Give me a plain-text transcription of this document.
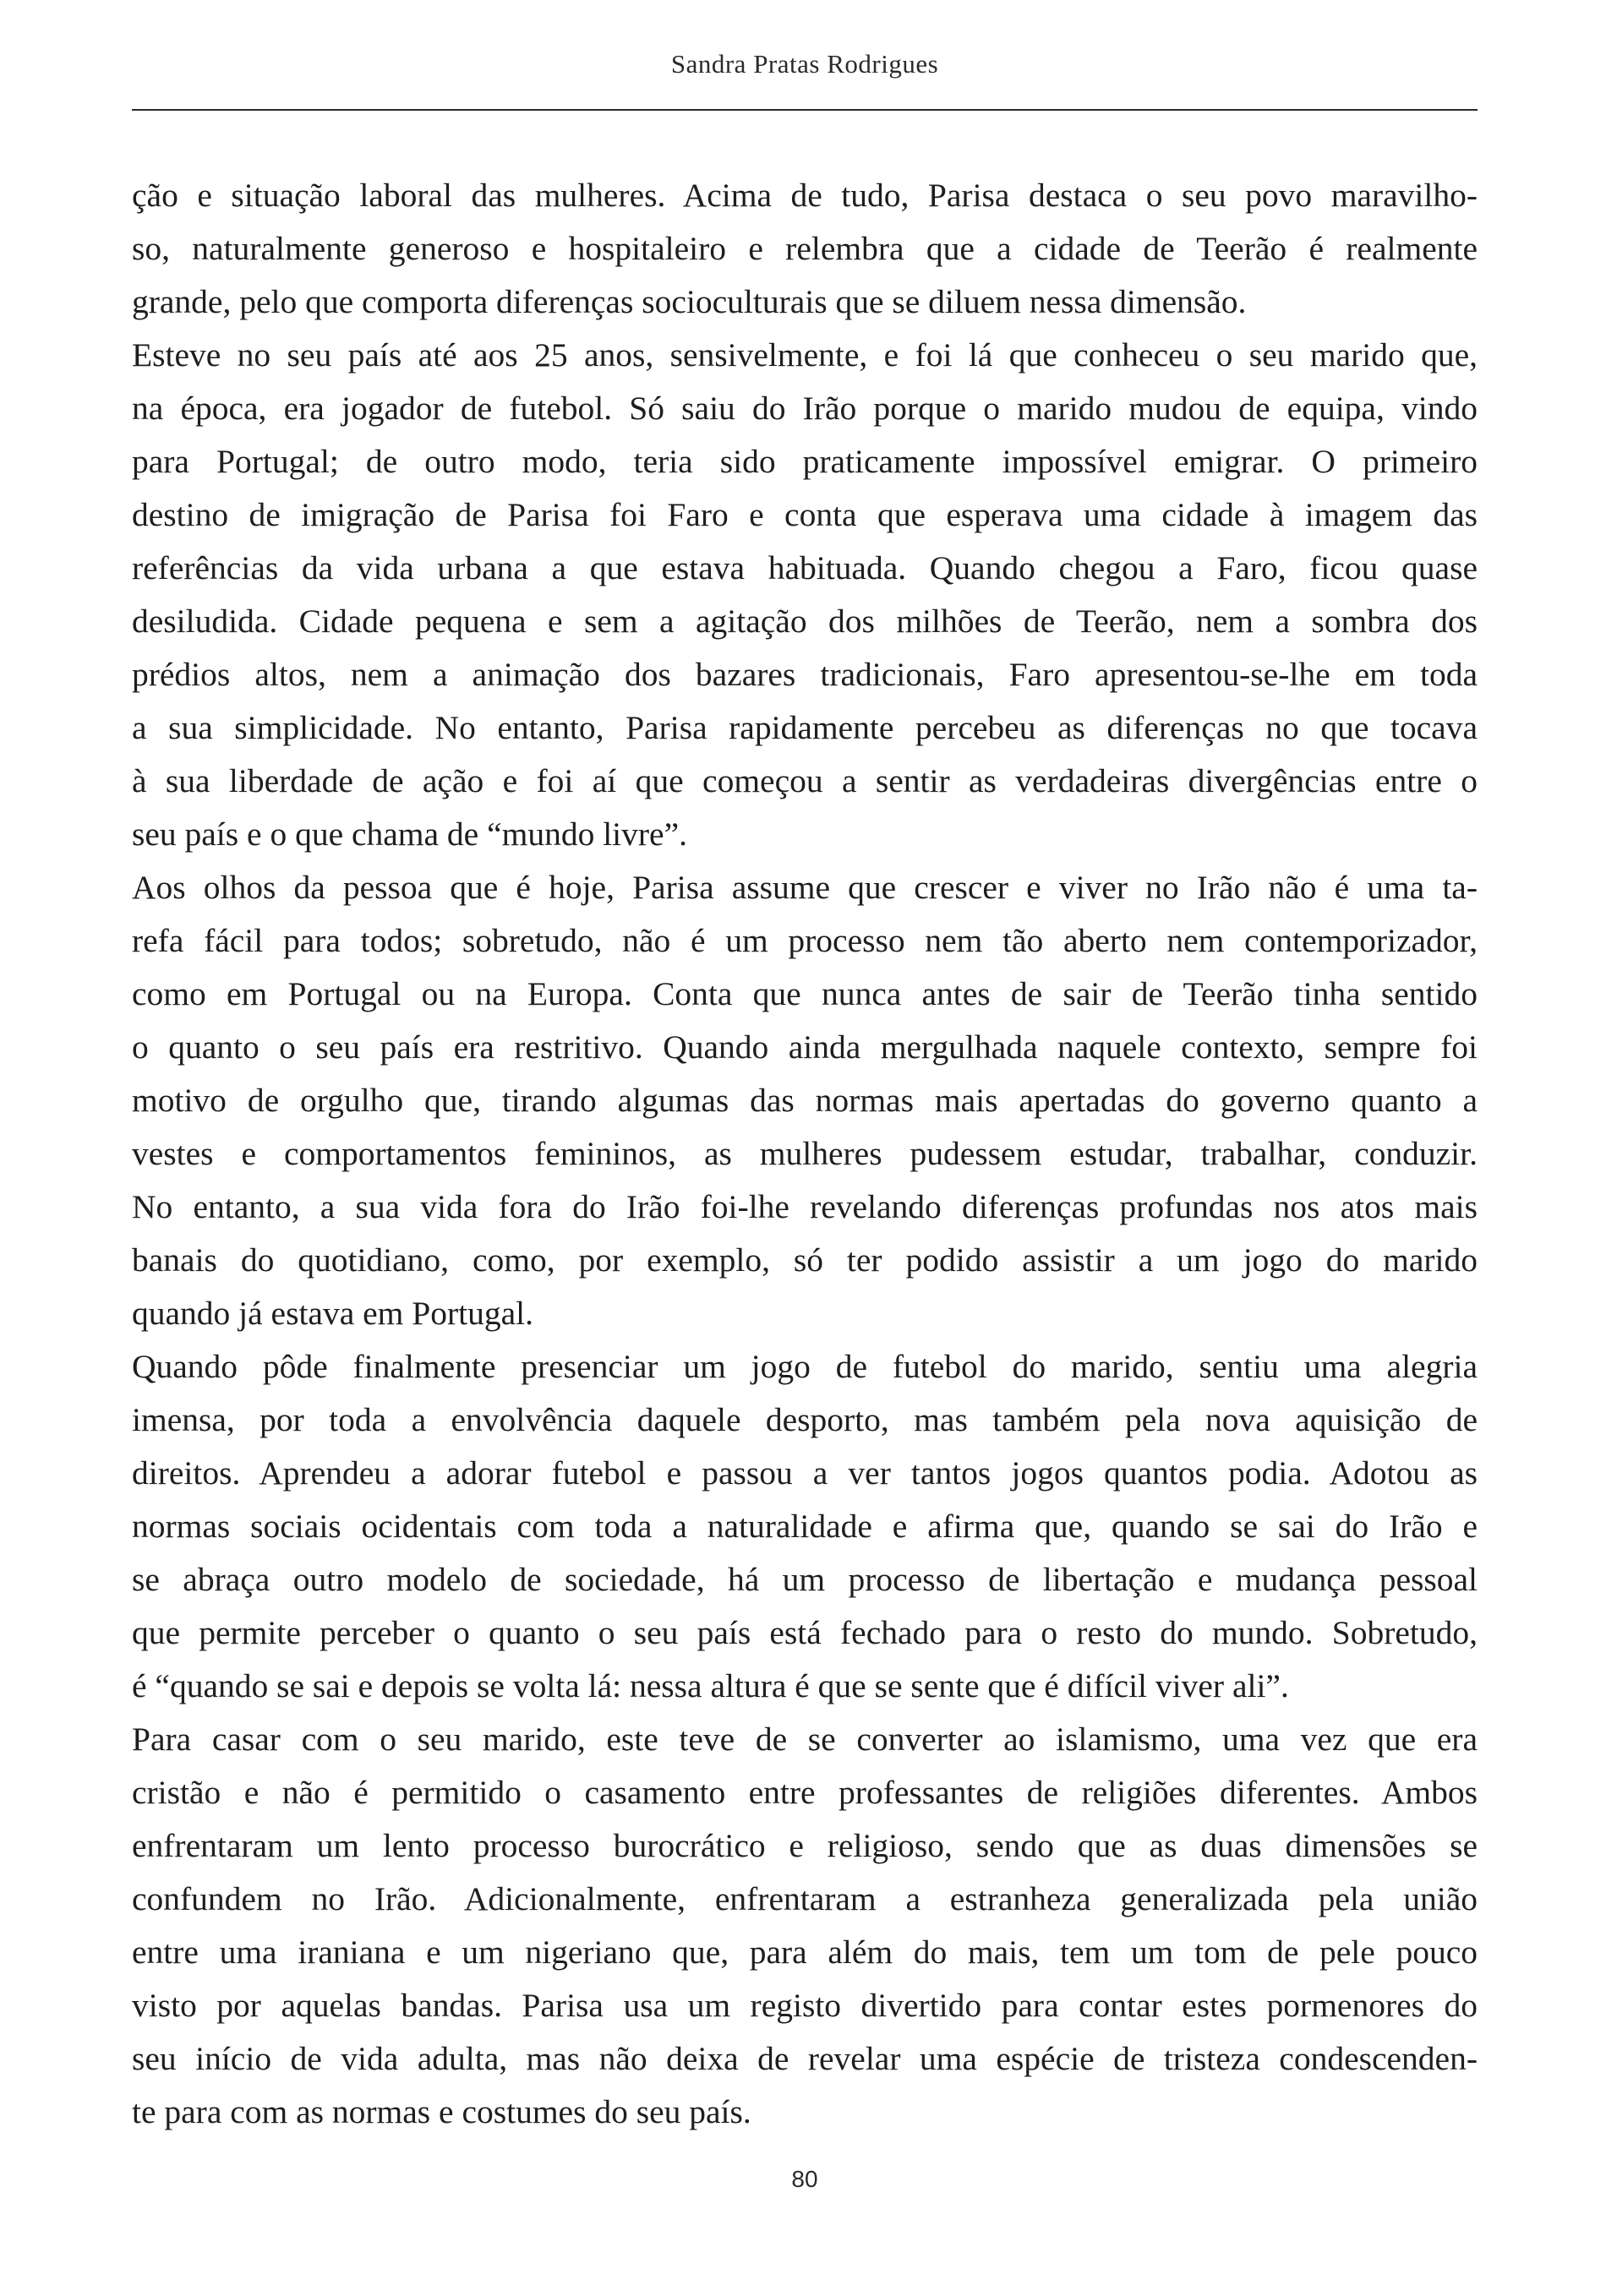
Sandra Pratas Rodrigues

ção e situação laboral das mulheres. Acima de tudo, Parisa destaca o seu povo maravilho-

so, naturalmente generoso e hospitaleiro e relembra que a cidade de Teerão é realmente

grande, pelo que comporta diferenças socioculturais que se diluem nessa dimensão.

Esteve no seu país até aos 25 anos, sensivelmente, e foi lá que conheceu o seu marido que,

na época, era jogador de futebol. Só saiu do Irão porque o marido mudou de equipa, vindo

para Portugal; de outro modo, teria sido praticamente impossível emigrar. O primeiro

destino de imigração de Parisa foi Faro e conta que esperava uma cidade à imagem das

referências da vida urbana a que estava habituada. Quando chegou a Faro, ficou quase

desiludida. Cidade pequena e sem a agitação dos milhões de Teerão, nem a sombra dos

prédios altos, nem a animação dos bazares tradicionais, Faro apresentou-se-lhe em toda

a sua simplicidade. No entanto, Parisa rapidamente percebeu as diferenças no que tocava

à sua liberdade de ação e foi aí que começou a sentir as verdadeiras divergências entre o

seu país e o que chama de “mundo livre”.

Aos olhos da pessoa que é hoje, Parisa assume que crescer e viver no Irão não é uma ta-

refa fácil para todos; sobretudo, não é um processo nem tão aberto nem contemporizador,

como em Portugal ou na Europa. Conta que nunca antes de sair de Teerão tinha sentido

o quanto o seu país era restritivo. Quando ainda mergulhada naquele contexto, sempre foi

motivo de orgulho que, tirando algumas das normas mais apertadas do governo quanto a

vestes e comportamentos femininos, as mulheres pudessem estudar, trabalhar, conduzir.

No entanto, a sua vida fora do Irão foi-lhe revelando diferenças profundas nos atos mais

banais do quotidiano, como, por exemplo, só ter podido assistir a um jogo do marido

quando já estava em Portugal.

Quando pôde finalmente presenciar um jogo de futebol do marido, sentiu uma alegria

imensa, por toda a envolvência daquele desporto, mas também pela nova aquisição de

direitos. Aprendeu a adorar futebol e passou a ver tantos jogos quantos podia. Adotou as

normas sociais ocidentais com toda a naturalidade e afirma que, quando se sai do Irão e

se abraça outro modelo de sociedade, há um processo de libertação e mudança pessoal

que permite perceber o quanto o seu país está fechado para o resto do mundo. Sobretudo,

é “quando se sai e depois se volta lá: nessa altura é que se sente que é difícil viver ali”.

Para casar com o seu marido, este teve de se converter ao islamismo, uma vez que era

cristão e não é permitido o casamento entre professantes de religiões diferentes. Ambos

enfrentaram um lento processo burocrático e religioso, sendo que as duas dimensões se

confundem no Irão. Adicionalmente, enfrentaram a estranheza generalizada pela união

entre uma iraniana e um nigeriano que, para além do mais, tem um tom de pele pouco

visto por aquelas bandas. Parisa usa um registo divertido para contar estes pormenores do

seu início de vida adulta, mas não deixa de revelar uma espécie de tristeza condescenden-

te para com as normas e costumes do seu país.

80
